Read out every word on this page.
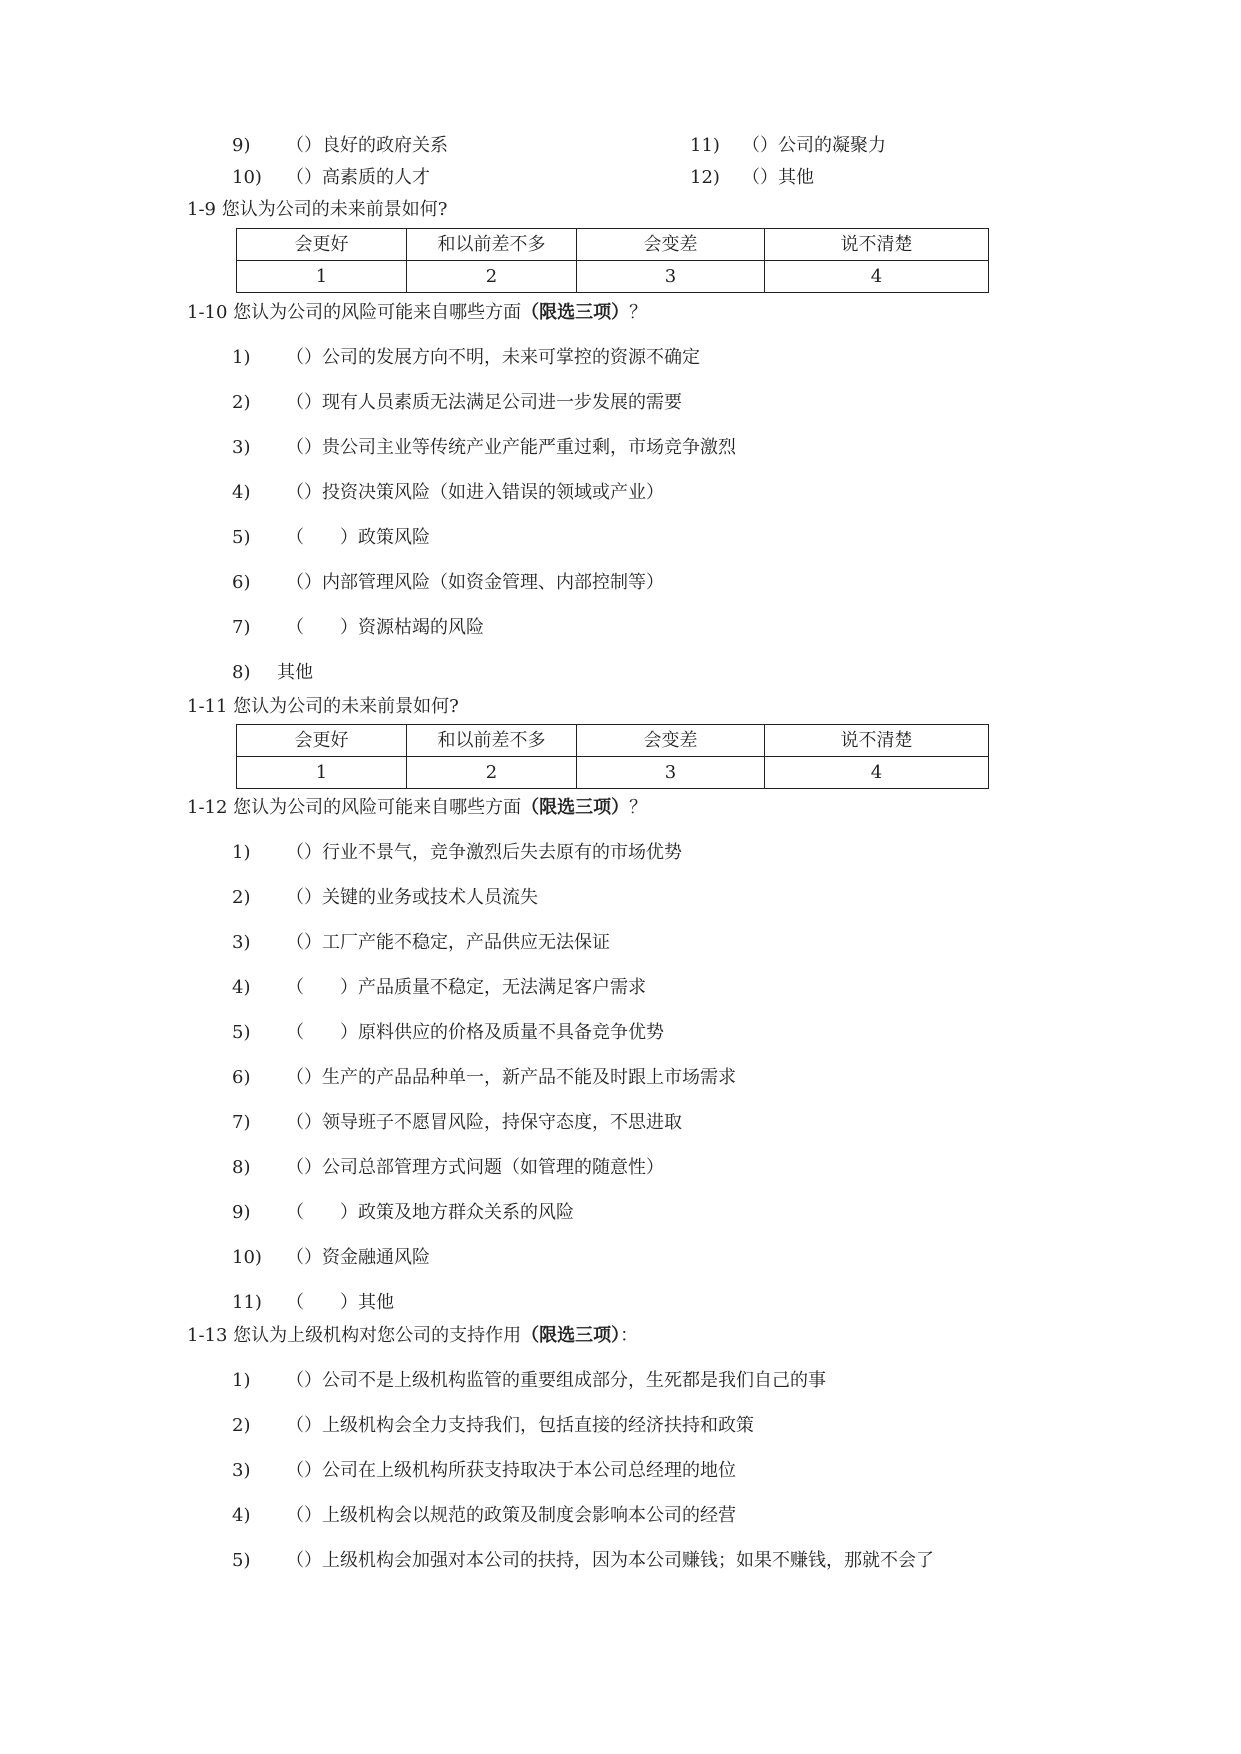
9) （）良好的政府关系	11) （）公司的凝聚力
10) （）高素质的人才	12) （）其他
1-9 您认为公司的未来前景如何?
会更好	和以前差不多	会变差	说不清楚
1	2	3	4
1-10 您认为公司的风险可能来自哪些方面（限选三项）？
1) （）公司的发展方向不明，未来可掌控的资源不确定
2) （）现有人员素质无法满足公司进一步发展的需要
3) （）贵公司主业等传统产业产能严重过剩，市场竞争激烈
4) （）投资决策风险（如进入错误的领域或产业）
5) （　　）政策风险
6) （）内部管理风险（如资金管理、内部控制等）
7) （　　）资源枯竭的风险
8) 其他
1-11 您认为公司的未来前景如何?
会更好	和以前差不多	会变差	说不清楚
1	2	3	4
1-12 您认为公司的风险可能来自哪些方面（限选三项）？
1) （）行业不景气，竞争激烈后失去原有的市场优势
2) （）关键的业务或技术人员流失
3) （）工厂产能不稳定，产品供应无法保证
4) （　　）产品质量不稳定，无法满足客户需求
5) （　　）原料供应的价格及质量不具备竞争优势
6) （）生产的产品品种单一，新产品不能及时跟上市场需求
7) （）领导班子不愿冒风险，持保守态度，不思进取
8) （）公司总部管理方式问题（如管理的随意性）
9) （　　）政策及地方群众关系的风险
10) （）资金融通风险
11) （　　）其他
1-13 您认为上级机构对您公司的支持作用（限选三项）：
1) （）公司不是上级机构监管的重要组成部分，生死都是我们自己的事
2) （）上级机构会全力支持我们，包括直接的经济扶持和政策
3) （）公司在上级机构所获支持取决于本公司总经理的地位
4) （）上级机构会以规范的政策及制度会影响本公司的经营
5) （）上级机构会加强对本公司的扶持，因为本公司赚钱；如果不赚钱，那就不会了
